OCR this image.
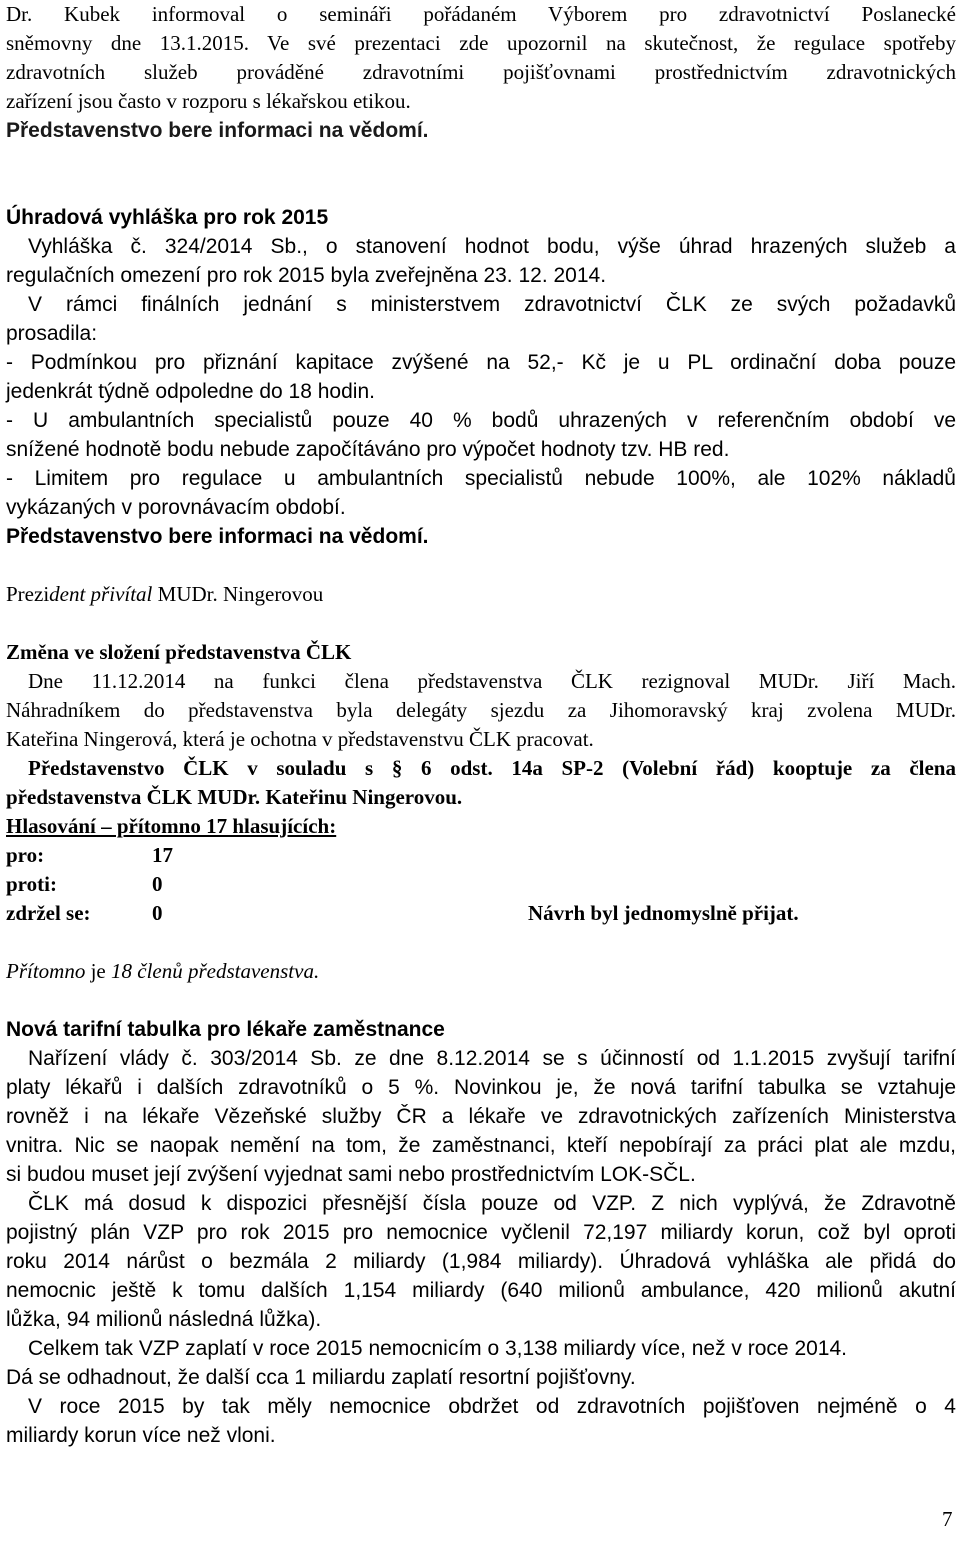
Dr. Kubek informoval o semináři pořádaném Výborem pro zdravotnictví Poslanecké

sněmovny dne 13.1.2015. Ve své prezentaci zde upozornil na skutečnost, že regulace spotřeby

zdravotních služeb prováděné zdravotními pojišťovnami prostřednictvím zdravotnických

zařízení jsou často v rozporu s lékařskou etikou.

Představenstvo bere informaci na vědomí.

Úhradová vyhláška pro rok 2015

Vyhláška č. 324/2014 Sb., o stanovení hodnot bodu, výše úhrad hrazených služeb a

regulačních omezení pro rok 2015 byla zveřejněna 23. 12. 2014.

V rámci finálních jednání s ministerstvem zdravotnictví ČLK ze svých požadavků

prosadila:

- Podmínkou pro přiznání kapitace zvýšené na 52,- Kč je u PL ordinační doba pouze

jedenkrát týdně odpoledne do 18 hodin.

- U ambulantních specialistů pouze 40 % bodů uhrazených v referenčním období ve

snížené hodnotě bodu nebude započítáváno pro výpočet hodnoty tzv. HB red.

- Limitem pro regulace u ambulantních specialistů nebude 100%, ale 102% nákladů

vykázaných v porovnávacím období.

Představenstvo bere informaci na vědomí.

Prezident přivítal MUDr. Ningerovou

Změna ve složení představenstva ČLK

Dne 11.12.2014 na funkci člena představenstva ČLK rezignoval MUDr. Jiří Mach.

Náhradníkem do představenstva byla delegáty sjezdu za Jihomoravský kraj zvolena MUDr.

Kateřina Ningerová, která je ochotna v představenstvu ČLK pracovat.

Představenstvo ČLK v souladu s § 6 odst. 14a SP-2 (Volební řád) kooptuje za člena

představenstva ČLK MUDr. Kateřinu Ningerovou.

Hlasování – přítomno 17 hlasujících:

pro:	17
proti:	0
zdržel se:	0	Návrh byl jednomyslně přijat.

Přítomno je 18 členů představenstva.

Nová tarifní tabulka pro lékaře zaměstnance

Nařízení vlády č. 303/2014 Sb. ze dne 8.12.2014 se s účinností od 1.1.2015 zvyšují tarifní

platy lékařů i dalších zdravotníků o 5 %. Novinkou je, že nová tarifní tabulka se vztahuje

rovněž i na lékaře Vězeňské služby ČR a lékaře ve zdravotnických zařízeních Ministerstva

vnitra. Nic se naopak nemění na tom, že zaměstnanci, kteří nepobírají za práci plat ale mzdu,

si budou muset její zvýšení vyjednat sami nebo prostřednictvím LOK-SČL.

ČLK má dosud k dispozici přesnější čísla pouze od VZP. Z nich vyplývá, že Zdravotně

pojistný plán VZP pro rok 2015 pro nemocnice vyčlenil 72,197 miliardy korun, což byl oproti

roku 2014 nárůst o bezmála 2 miliardy (1,984 miliardy). Úhradová vyhláška ale přidá do

nemocnic ještě k tomu dalších 1,154 miliardy (640 milionů ambulance, 420 milionů akutní

lůžka, 94 milionů následná lůžka).

Celkem tak VZP zaplatí v roce 2015 nemocnicím o 3,138 miliardy více, než v roce 2014.

Dá se odhadnout, že další cca 1 miliardu zaplatí resortní pojišťovny.

V roce 2015 by tak měly nemocnice obdržet od zdravotních pojišťoven nejméně o 4

miliardy korun více než vloni.

7
